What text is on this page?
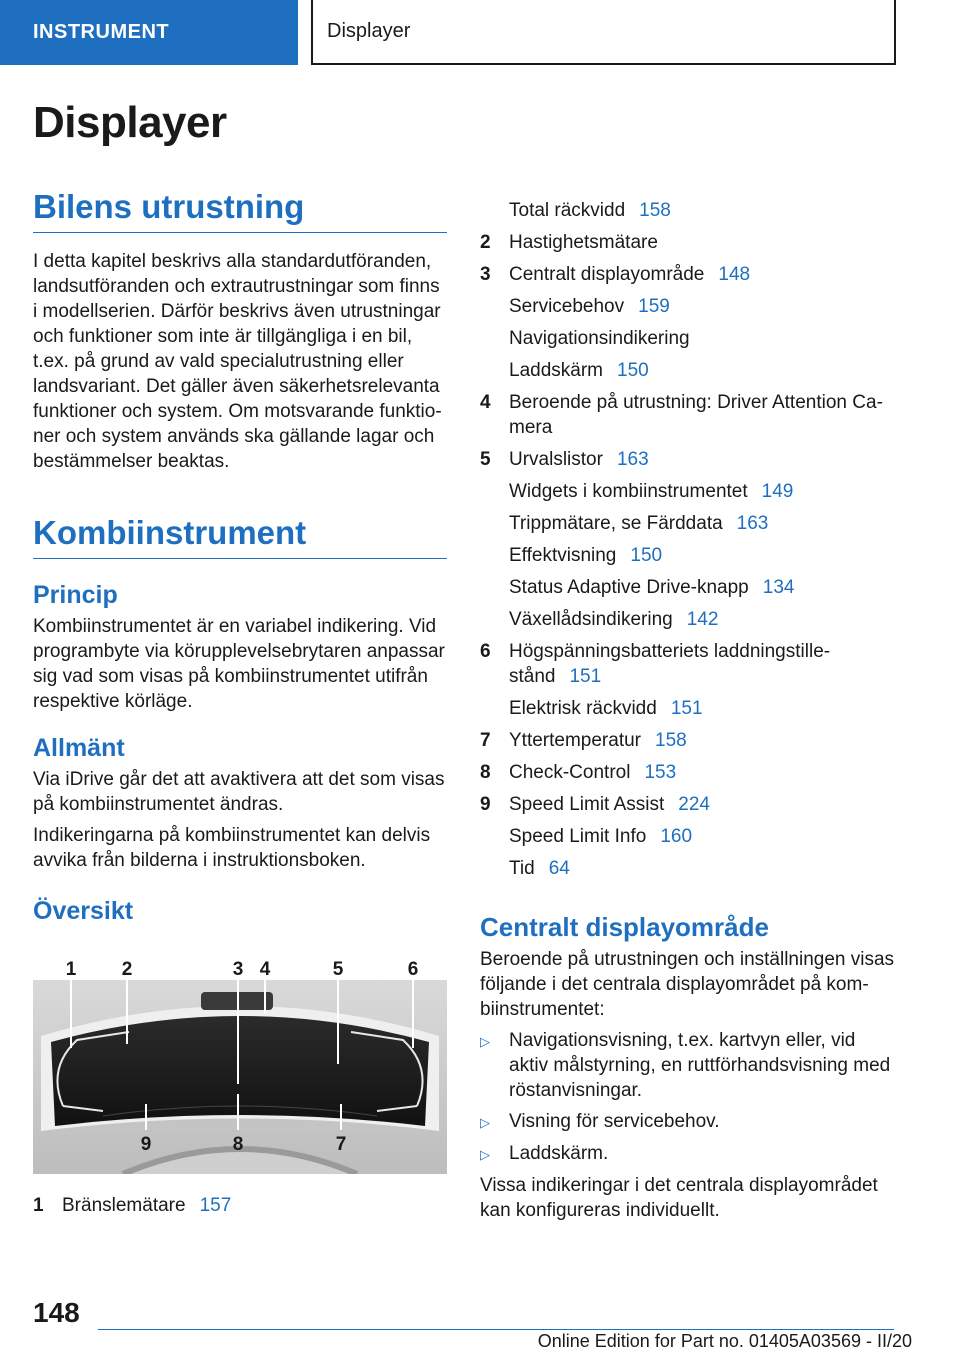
INSTRUMENT	Displayer
Displayer
Bilens utrustning

I detta kapitel beskrivs alla standardutföranden, landsutföranden och extrautrustningar som finns i modellserien. Därför beskrivs även utrustningar och funktioner som inte är tillgängliga i en bil, t.ex. på grund av vald specialutrustning eller landsvariant. Det gäller även säkerhetsrelevanta funktioner och system. Om motsvarande funktioner och system används ska gällande lagar och bestämmelser beaktas.

Kombiinstrument
Princip

Kombiinstrumentet är en variabel indikering. Vid programbyte via körupplevelsebrytaren anpassar sig vad som visas på kombiinstrumentet utifrån respektive körläge.

Allmänt

Via iDrive går det att avaktivera att det som visas på kombiinstrumentet ändras.

Indikeringarna på kombiinstrumentet kan delvis avvika från bilderna i instruktionsboken.

Översikt
1 2	3 4	5	6
9	8	7
1 Bränslemätare 157
Total räckvidd 158
2 Hastighetsmätare
3 Centralt displayområde 148
Servicebehov 159
Navigationsindikering
Laddskärm 150
4 Beroende på utrustning: Driver Attention Camera
5 Urvalslistor 163
Widgets i kombiinstrumentet 149
Trippmätare, se Färddata 163
Effektvisning 150
Status Adaptive Drive-knapp 134
Växellådsindikering 142
6 Högspänningsbatteriets laddningstillestånd 151
Elektrisk räckvidd 151
7 Yttertemperatur 158
8 Check-Control 153
9 Speed Limit Assist 224
Speed Limit Info 160
Tid 64
Centralt displayområde

Beroende på utrustningen och inställningen visas följande i det centrala displayområdet på kombiinstrumentet:

▷	Navigationsvisning, t.ex. kartvyn eller, vid aktiv målstyrning, en ruttförhandsvisning med röstanvisningar.
▷	Visning för servicebehov.
▷	Laddskärm.

Vissa indikeringar i det centrala displayområdet kan konfigureras individuellt.

148
Online Edition for Part no. 01405A03569 - II/20
